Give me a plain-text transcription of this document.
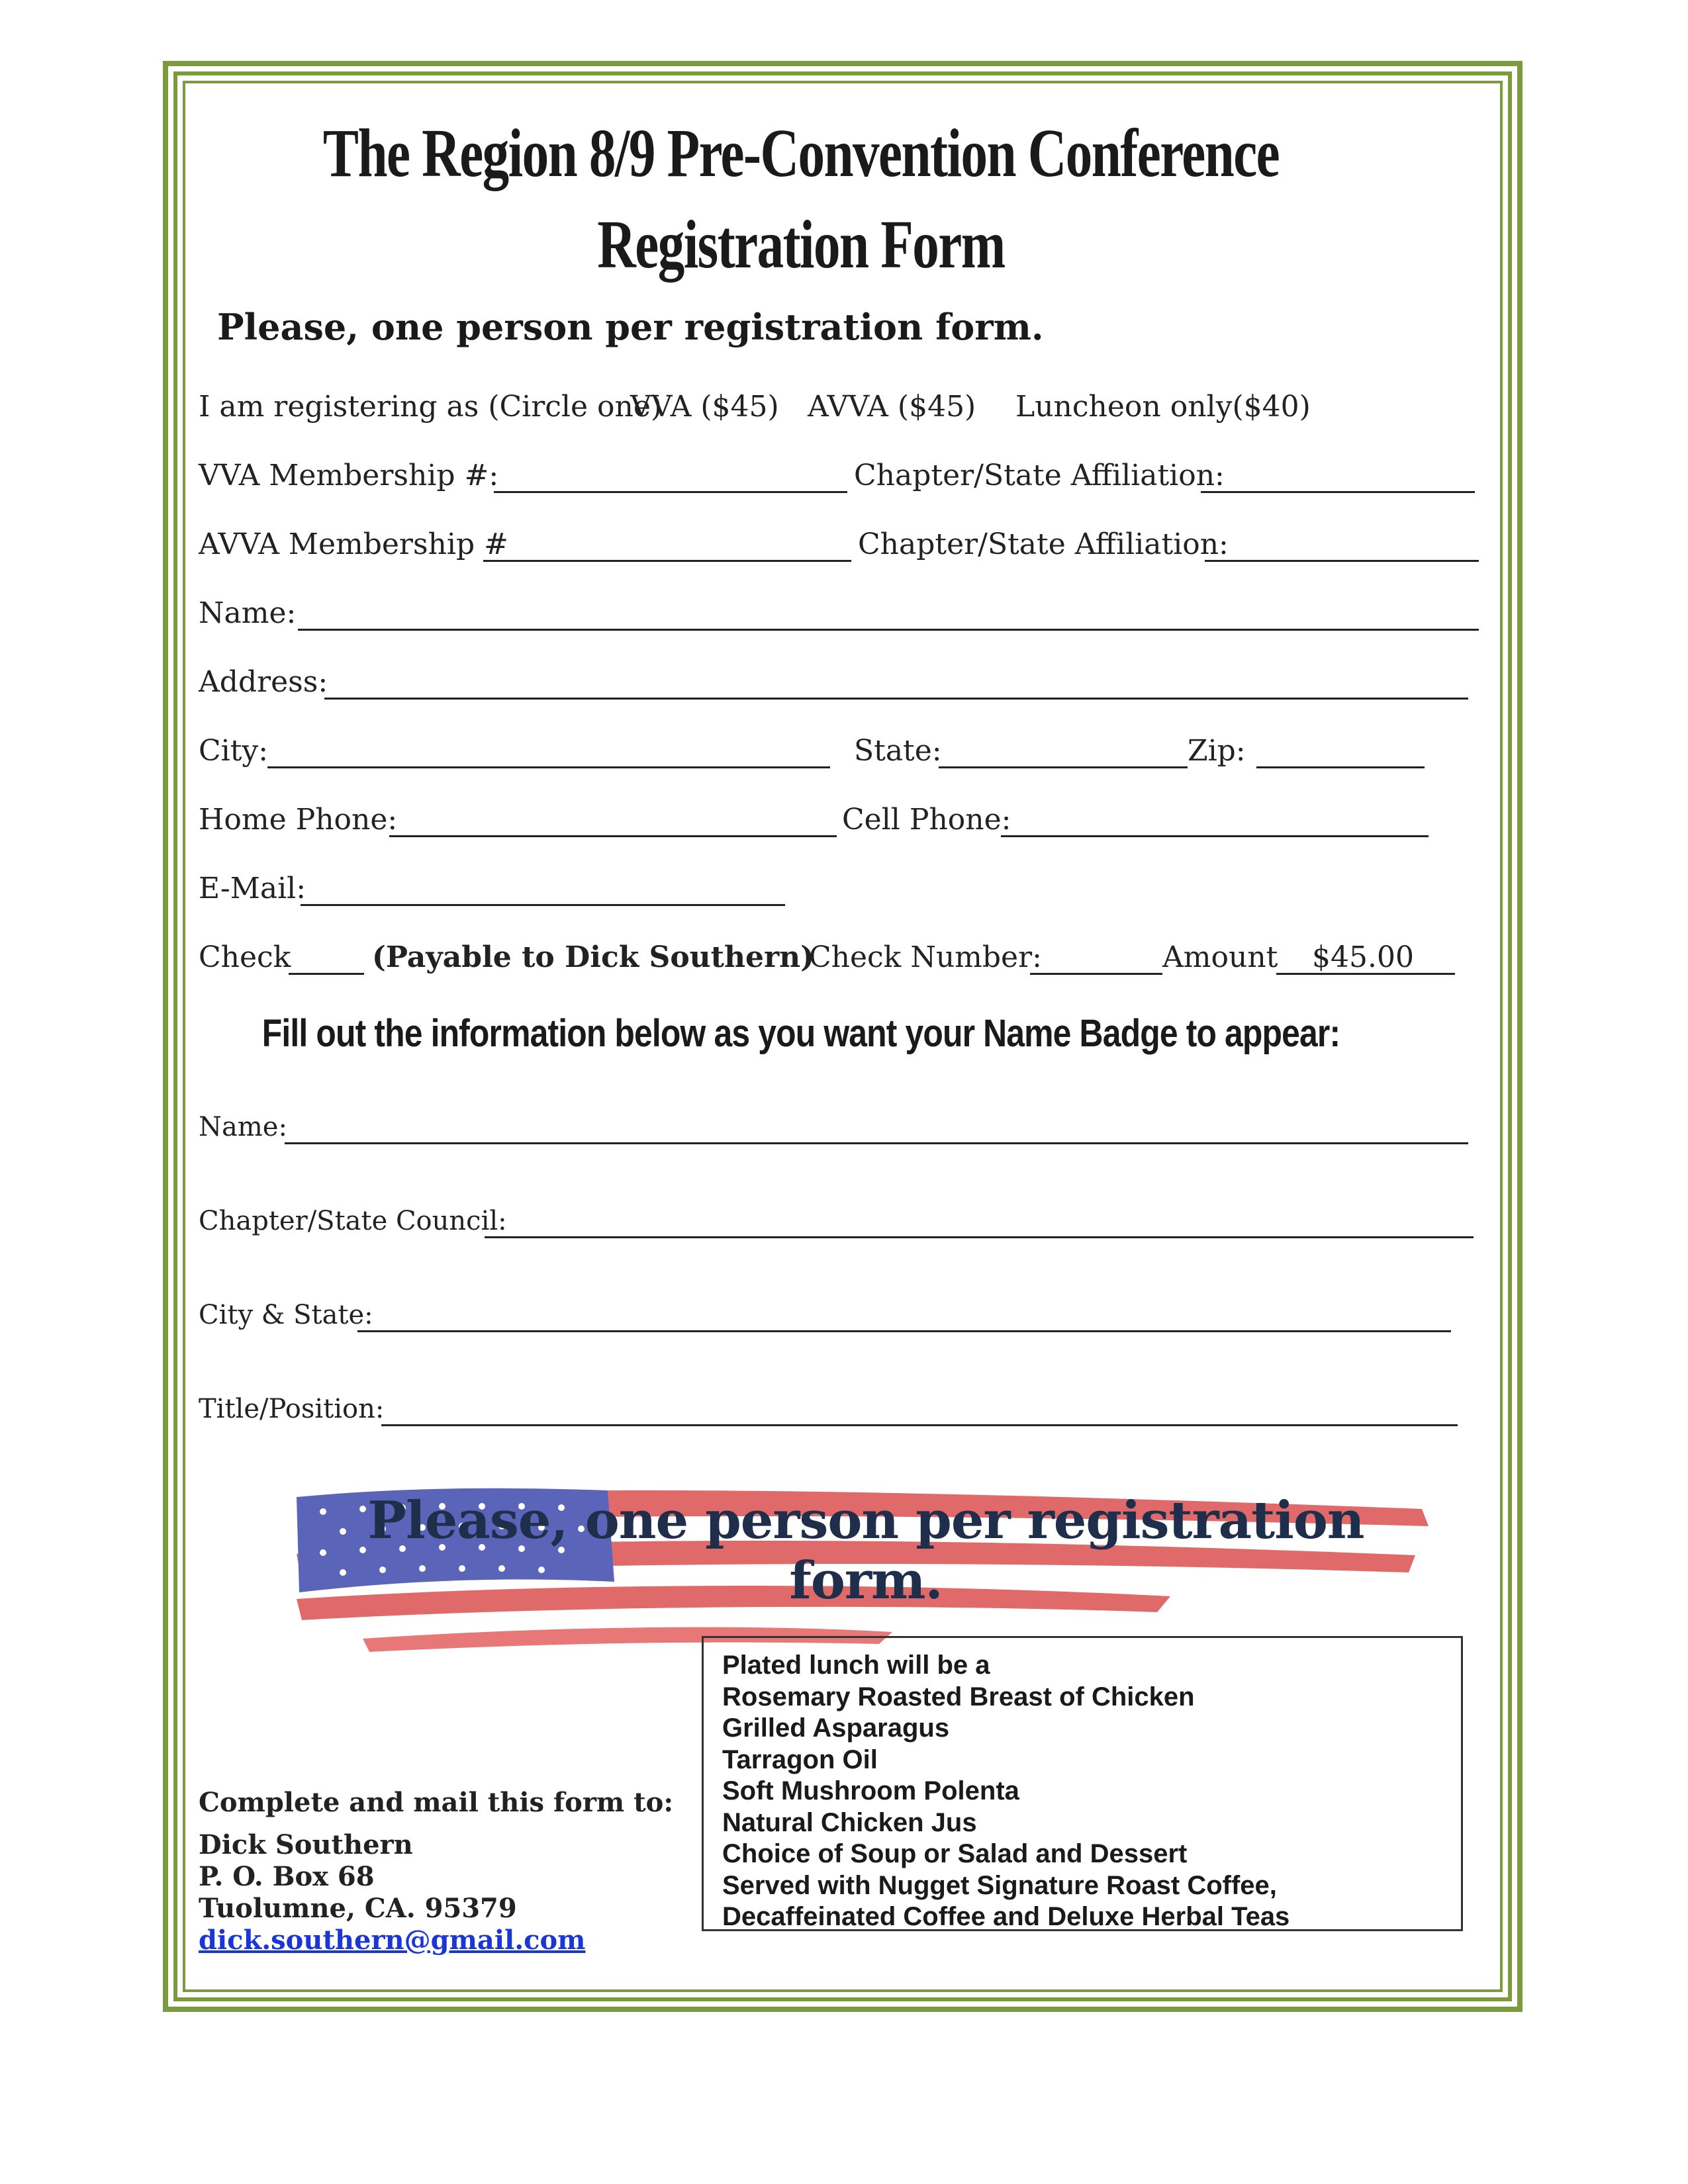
The Region 8/9 Pre-Convention Conference
Registration Form

Please, one person per registration form.

I am registering as (Circle one)
VVA ($45) AVVA ($45) Luncheon only($40)
VVA Membership #:	Chapter/State Affiliation:
AVVA Membership #	Chapter/State Affiliation:
Name:
Address:
City:	State:	Zip:
Home Phone:	Cell Phone:
E-Mail:
Check	(Payable to Dick Southern)
Check Number:	Amount $45.00

Fill out the information below as you want your Name Badge to appear:

Name:
Chapter/State Council:
City & State:
Title/Position:
Please, one person per registration form.
Complete and mail this form to:
Dick Southern
P. O. Box 68
Tuolumne, CA. 95379
dick.southern@gmail.com
Plated lunch will be a
Rosemary Roasted Breast of Chicken
Grilled Asparagus
Tarragon Oil
Soft Mushroom Polenta
Natural Chicken Jus
Choice of Soup or Salad and Dessert
Served with Nugget Signature Roast Coffee,
Decaffeinated Coffee and Deluxe Herbal Teas
